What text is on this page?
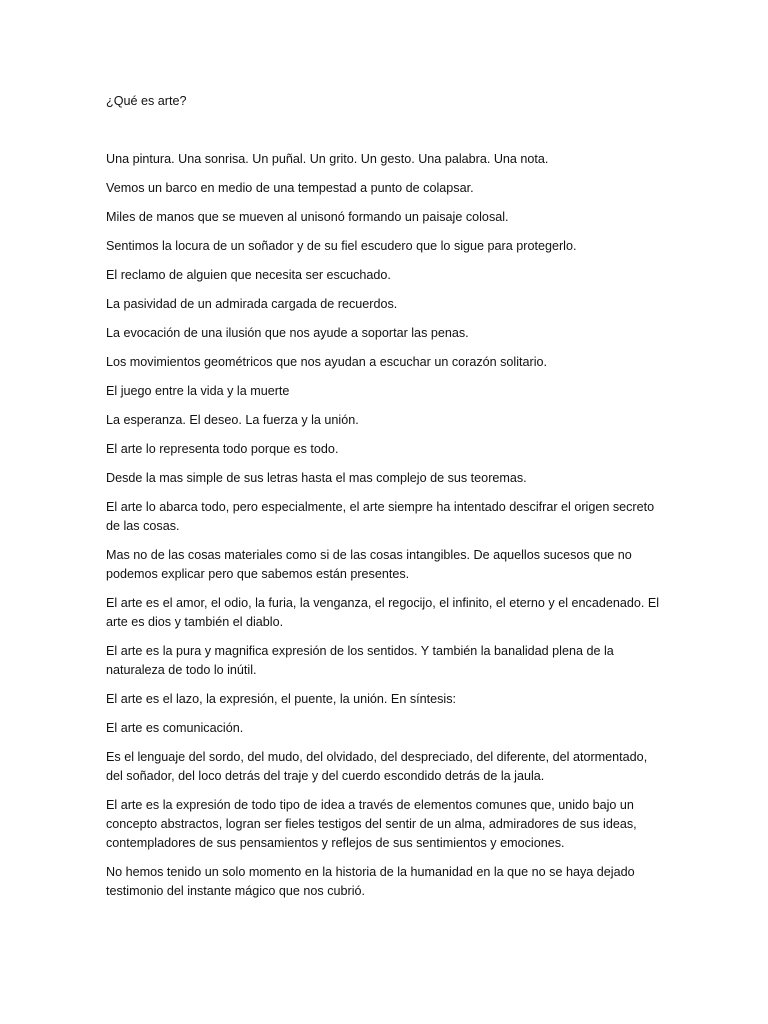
¿Qué es arte?

Una pintura. Una sonrisa. Un puñal. Un grito. Un gesto. Una palabra. Una nota.

Vemos un barco en medio de una tempestad a punto de colapsar.

Miles de manos que se mueven al unisonó formando un paisaje colosal.

Sentimos la locura de un soñador y de su fiel escudero que lo sigue para protegerlo.

El reclamo de alguien que necesita ser escuchado.

La pasividad de un admirada cargada de recuerdos.

La evocación de una ilusión que nos ayude a soportar las penas.

Los movimientos geométricos que nos ayudan a escuchar un corazón solitario.

El juego entre la vida y la muerte

La esperanza. El deseo. La fuerza y la unión.

El arte lo representa todo porque es todo.

Desde la mas simple de sus letras hasta el mas complejo de sus teoremas.

El arte lo abarca todo, pero especialmente, el arte siempre ha intentado descifrar el origen secreto de las cosas.

Mas no de las cosas materiales como si de las cosas intangibles. De aquellos sucesos que no podemos explicar pero que sabemos están presentes.

El arte es el amor, el odio, la furia, la venganza, el regocijo, el infinito, el eterno y el encadenado. El arte es dios y también el diablo.

El arte es la pura y magnifica expresión de los sentidos. Y también la banalidad plena de la naturaleza de todo lo inútil.

El arte es el lazo, la expresión, el puente, la unión. En síntesis:

El arte es comunicación.

Es el lenguaje del sordo, del mudo, del olvidado, del despreciado, del diferente, del atormentado, del soñador, del loco detrás del traje y del cuerdo escondido detrás de la jaula.

El arte es la expresión de todo tipo de idea a través de elementos comunes que, unido bajo un concepto abstractos, logran ser fieles testigos del sentir de un alma, admiradores de sus ideas, contempladores de sus pensamientos y reflejos de sus sentimientos y emociones.

No hemos tenido un solo momento en la historia de la humanidad en la que no se haya dejado testimonio del instante mágico que nos cubrió.
